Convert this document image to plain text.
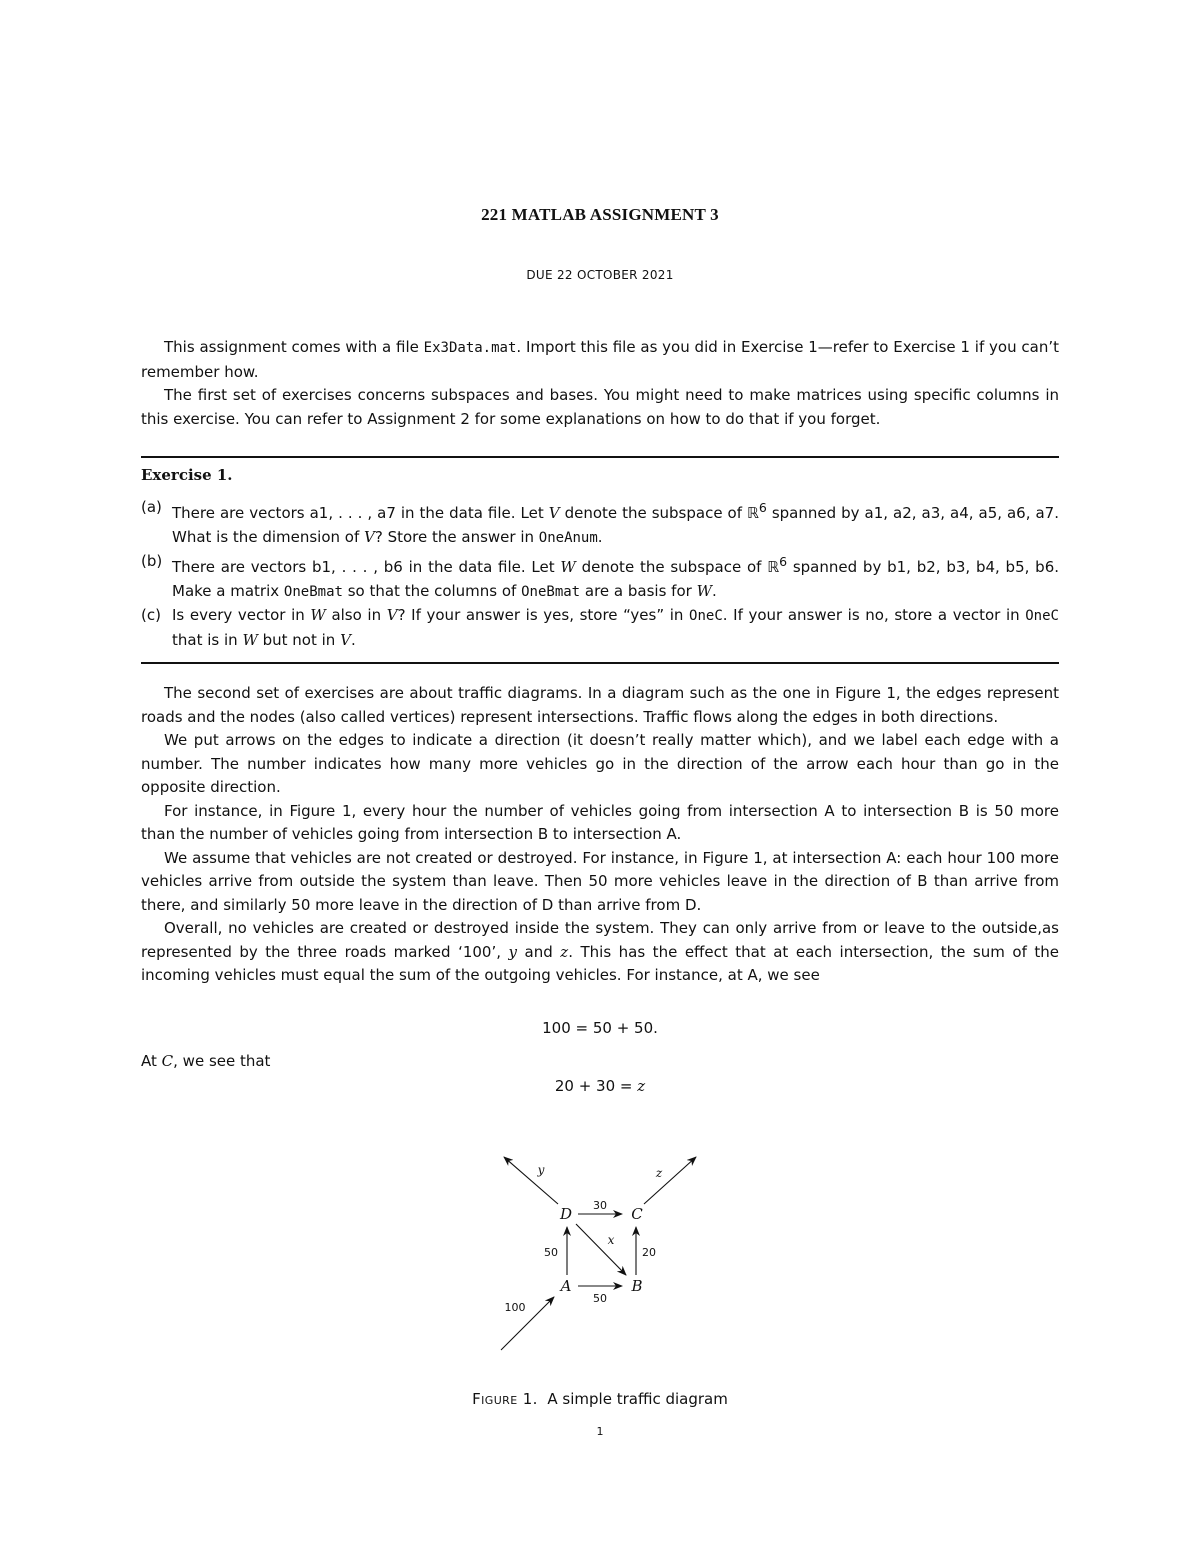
221 MATLAB ASSIGNMENT 3
DUE 22 OCTOBER 2021

This assignment comes with a file Ex3Data.mat. Import this file as you did in Exercise 1—refer to Exercise 1 if you can’t remember how.

The first set of exercises concerns subspaces and bases. You might need to make matrices using specific columns in this exercise. You can refer to Assignment 2 for some explanations on how to do that if you forget.

Exercise 1.
(a) There are vectors a1, . . . , a7 in the data file. Let V denote the subspace of ℝ$^6$ spanned by a1, a2, a3, a4, a5, a6, a7. What is the dimension of V? Store the answer in OneAnum.
(b) There are vectors b1, . . . , b6 in the data file. Let W denote the subspace of ℝ$^6$ spanned by b1, b2, b3, b4, b5, b6. Make a matrix OneBmat so that the columns of OneBmat are a basis for W.
(c) Is every vector in W also in V? If your answer is yes, store “yes” in OneC. If your answer is no, store a vector in OneC that is in W but not in V.

The second set of exercises are about traffic diagrams. In a diagram such as the one in Figure 1, the edges represent roads and the nodes (also called vertices) represent intersections. Traffic flows along the edges in both directions.

We put arrows on the edges to indicate a direction (it doesn’t really matter which), and we label each edge with a number. The number indicates how many more vehicles go in the direction of the arrow each hour than go in the opposite direction.

For instance, in Figure 1, every hour the number of vehicles going from intersection A to intersection B is 50 more than the number of vehicles going from intersection B to intersection A.

We assume that vehicles are not created or destroyed. For instance, in Figure 1, at intersection A: each hour 100 more vehicles arrive from outside the system than leave. Then 50 more vehicles leave in the direction of B than arrive from there, and similarly 50 more leave in the direction of D than arrive from D.

Overall, no vehicles are created or destroyed inside the system. They can only arrive from or leave to the outside,as represented by the three roads marked ‘100’, y and z. This has the effect that at each intersection, the sum of the incoming vehicles must equal the sum of the outgoing vehicles. For instance, at A, we see

100 = 50 + 50.
At C, we see that
20 + 30 = z
D	C
A	B
30
50
50	20
100
x
y	z
Figure 1. A simple traffic diagram
1
